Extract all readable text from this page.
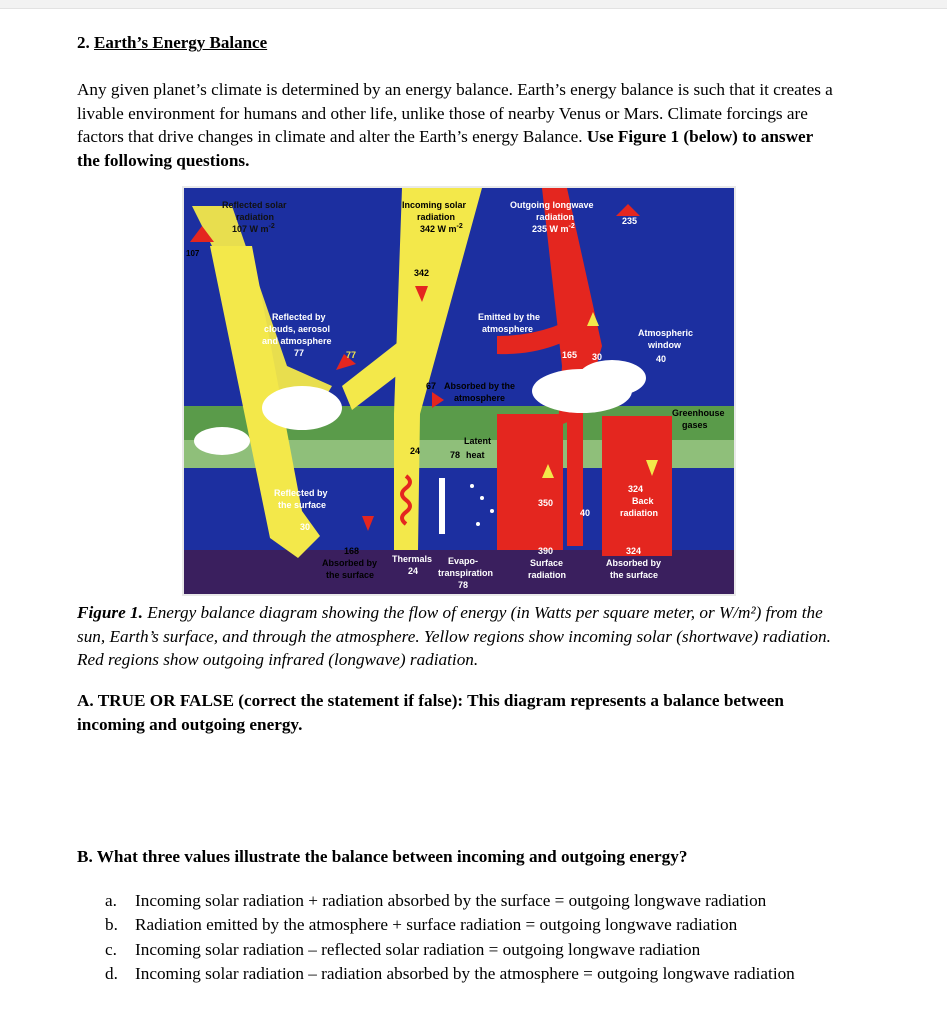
2. Earth’s Energy Balance
Any given planet’s climate is determined by an energy balance. Earth’s energy balance is such that it creates a livable environment for humans and other life, unlike those of nearby Venus or Mars. Climate forcings are factors that drive changes in climate and alter the Earth’s energy Balance. Use Figure 1 (below) to answer the following questions.
Reflected solar
radiation
107 W $m^{-2}$
107
Incoming solar
radiation
342 W $m^{-2}$
342
Outgoing longwave
radiation
235 W $m^{-2}$
235
Reflected by
clouds, aerosol
and atmosphere
77	77
Emitted by the
atmosphere
165 30
Atmospheric
window
40
40
67 Absorbed by the
atmosphere
Greenhouse
gases
Latent
78 heat
24
324
Back
radiation
Reflected by
the surface
30
168
Absorbed by
the surface
Thermals
24
Evapo-
transpiration
78
350
40
390
Surface
radiation
324
Absorbed by
the surface
Figure 1. Energy balance diagram showing the flow of energy (in Watts per square meter, or W/m²) from the sun, Earth’s surface, and through the atmosphere. Yellow regions show incoming solar (shortwave) radiation. Red regions show outgoing infrared (longwave) radiation.
A. TRUE OR FALSE (correct the statement if false): This diagram represents a balance between incoming and outgoing energy.
B. What three values illustrate the balance between incoming and outgoing energy?
a. Incoming solar radiation + radiation absorbed by the surface = outgoing longwave radiation
b. Radiation emitted by the atmosphere + surface radiation = outgoing longwave radiation
c. Incoming solar radiation – reflected solar radiation = outgoing longwave radiation
d. Incoming solar radiation – radiation absorbed by the atmosphere = outgoing longwave radiation
